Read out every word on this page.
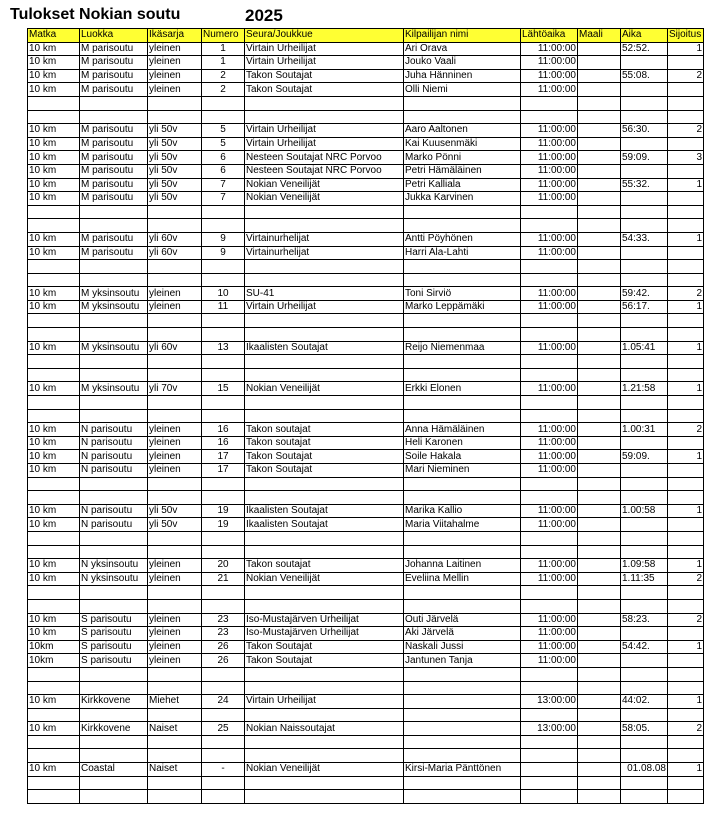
Tulokset Nokian soutu	2025
Matka	Luokka	Ikäsarja	Numero	Seura/Joukkue	Kilpailijan nimi	Lähtöaika	Maali	Aika	Sijoitus
10 km	M parisoutu	yleinen	1	Virtain Urheilijat	Ari Orava	11:00:00		52:52.	1
10 km	M parisoutu	yleinen	1	Virtain Urheilijat	Jouko Vaali	11:00:00			
10 km	M parisoutu	yleinen	2	Takon Soutajat	Juha Hänninen	11:00:00		55:08.	2
10 km	M parisoutu	yleinen	2	Takon Soutajat	Olli Niemi	11:00:00			

10 km	M parisoutu	yli 50v	5	Virtain Urheilijat	Aaro Aaltonen	11:00:00		56:30.	2
10 km	M parisoutu	yli 50v	5	Virtain Urheilijat	Kai Kuusenmäki	11:00:00			
10 km	M parisoutu	yli 50v	6	Nesteen Soutajat NRC Porvoo	Marko Pönni	11:00:00		59:09.	3
10 km	M parisoutu	yli 50v	6	Nesteen Soutajat NRC Porvoo	Petri Hämäläinen	11:00:00			
10 km	M parisoutu	yli 50v	7	Nokian Veneilijät	Petri Kalliala	11:00:00		55:32.	1
10 km	M parisoutu	yli 50v	7	Nokian Veneilijät	Jukka Karvinen	11:00:00			

10 km	M parisoutu	yli 60v	9	Virtainurhelijat	Antti Pöyhönen	11:00:00		54:33.	1
10 km	M parisoutu	yli 60v	9	Virtainurhelijat	Harri Ala-Lahti	11:00:00			

10 km	M yksinsoutu	yleinen	10	SU-41	Toni Sirviö	11:00:00		59:42.	2
10 km	M yksinsoutu	yleinen	11	Virtain Urheilijat	Marko Leppämäki	11:00:00		56:17.	1

10 km	M yksinsoutu	yli 60v	13	Ikaalisten Soutajat	Reijo Niemenmaa	11:00:00		1.05:41	1

10 km	M yksinsoutu	yli 70v	15	Nokian Veneilijät	Erkki Elonen	11:00:00		1.21:58	1

10 km	N parisoutu	yleinen	16	Takon soutajat	Anna Hämäläinen	11:00:00		1.00:31	2
10 km	N parisoutu	yleinen	16	Takon soutajat	Heli Karonen	11:00:00			
10 km	N parisoutu	yleinen	17	Takon Soutajat	Soile Hakala	11:00:00		59:09.	1
10 km	N parisoutu	yleinen	17	Takon Soutajat	Mari Nieminen	11:00:00			

10 km	N parisoutu	yli 50v	19	Ikaalisten Soutajat	Marika Kallio	11:00:00		1.00:58	1
10 km	N parisoutu	yli 50v	19	Ikaalisten Soutajat	Maria Viitahalme	11:00:00			

10 km	N yksinsoutu	yleinen	20	Takon soutajat	Johanna Laitinen	11:00:00		1.09:58	1
10 km	N yksinsoutu	yleinen	21	Nokian Veneilijät	Eveliina Mellin	11:00:00		1.11:35	2

10 km	S parisoutu	yleinen	23	Iso-Mustajärven Urheilijat	Outi Järvelä	11:00:00		58:23.	2
10 km	S parisoutu	yleinen	23	Iso-Mustajärven Urheilijat	Aki Järvelä	11:00:00			
10km	S parisoutu	yleinen	26	Takon Soutajat	Naskali Jussi	11:00:00		54:42.	1
10km	S parisoutu	yleinen	26	Takon Soutajat	Jantunen Tanja	11:00:00			

10 km	Kirkkovene	Miehet	24	Virtain Urheilijat		13:00:00		44:02.	1

10 km	Kirkkovene	Naiset	25	Nokian Naissoutajat		13:00:00		58:05.	2

10 km	Coastal	Naiset	-	Nokian Veneilijät	Kirsi-Maria Pänttönen			01.08.08	1
